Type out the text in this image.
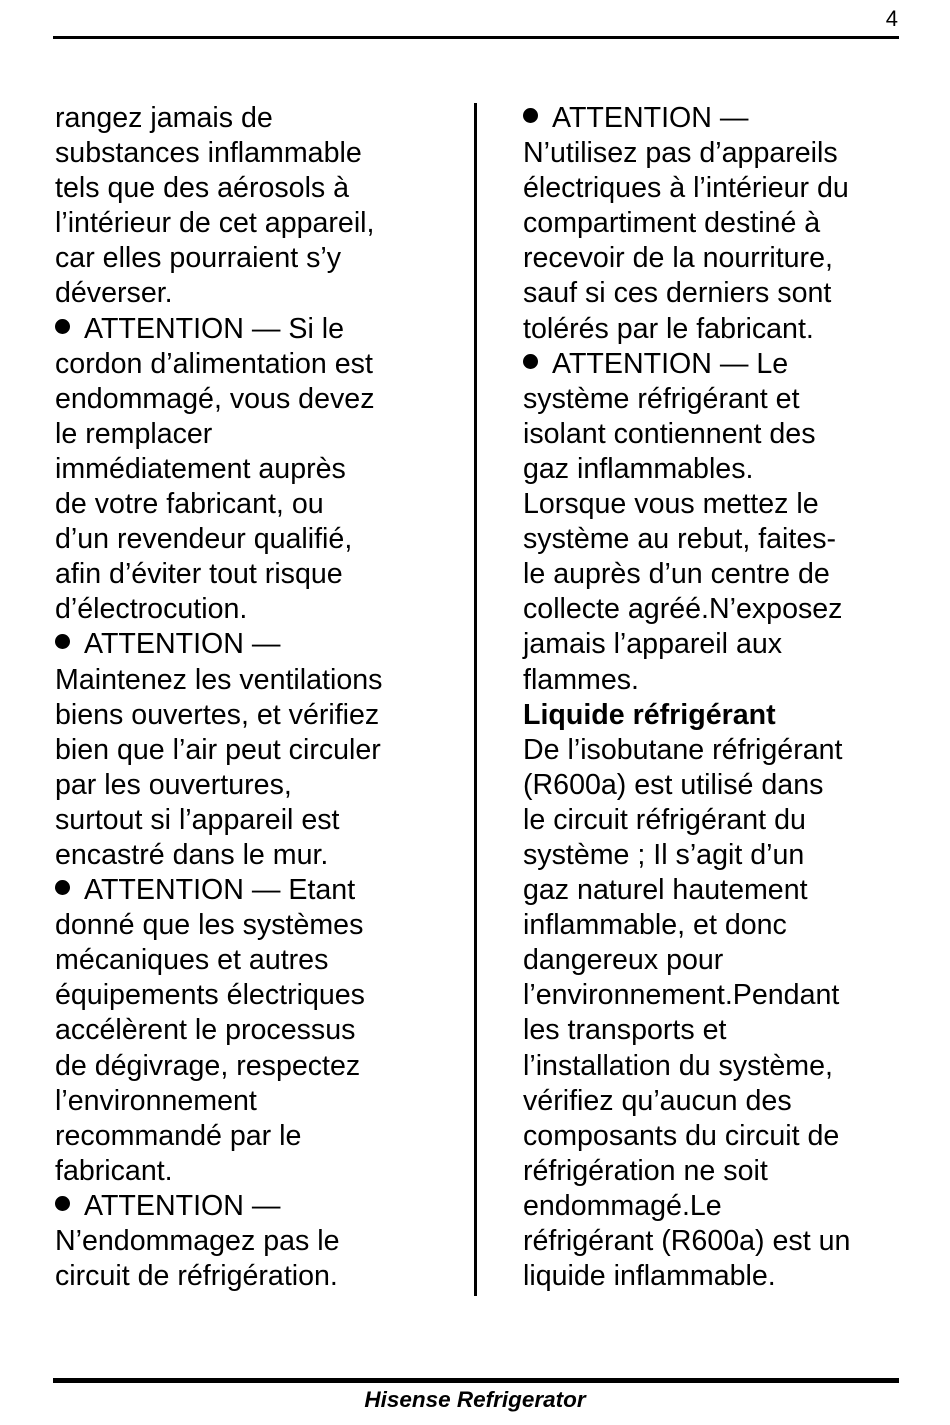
4
rangez jamais de
substances inflammable
tels que des aérosols à
l’intérieur de cet appareil,
car elles pourraient s’y
déverser.
ATTENTION — Si le
cordon d’alimentation est
endommagé, vous devez
le remplacer
immédiatement auprès
de votre fabricant, ou
d’un revendeur qualifié,
afin d’éviter tout risque
d’électrocution.
ATTENTION —
Maintenez les ventilations
biens ouvertes, et vérifiez
bien que l’air peut circuler
par les ouvertures,
surtout si l’appareil est
encastré dans le mur.
ATTENTION — Etant
donné que les systèmes
mécaniques et autres
équipements électriques
accélèrent le processus
de dégivrage, respectez
l’environnement
recommandé par le
fabricant.
ATTENTION —
N’endommagez pas le
circuit de réfrigération.
ATTENTION —
N’utilisez pas d’appareils
électriques à l’intérieur du
compartiment destiné à
recevoir de la nourriture,
sauf si ces derniers sont
tolérés par le fabricant.
ATTENTION — Le
système réfrigérant et
isolant contiennent des
gaz inflammables.
Lorsque vous mettez le
système au rebut, faites-
le auprès d’un centre de
collecte agréé.N’exposez
jamais l’appareil aux
flammes.
Liquide réfrigérant
De l’isobutane réfrigérant
(R600a) est utilisé dans
le circuit réfrigérant du
système ; Il s’agit d’un
gaz naturel hautement
inflammable, et donc
dangereux pour
l’environnement.Pendant
les transports et
l’installation du système,
vérifiez qu’aucun des
composants du circuit de
réfrigération ne soit
endommagé.Le
réfrigérant (R600a) est un
liquide inflammable.
Hisense Refrigerator
